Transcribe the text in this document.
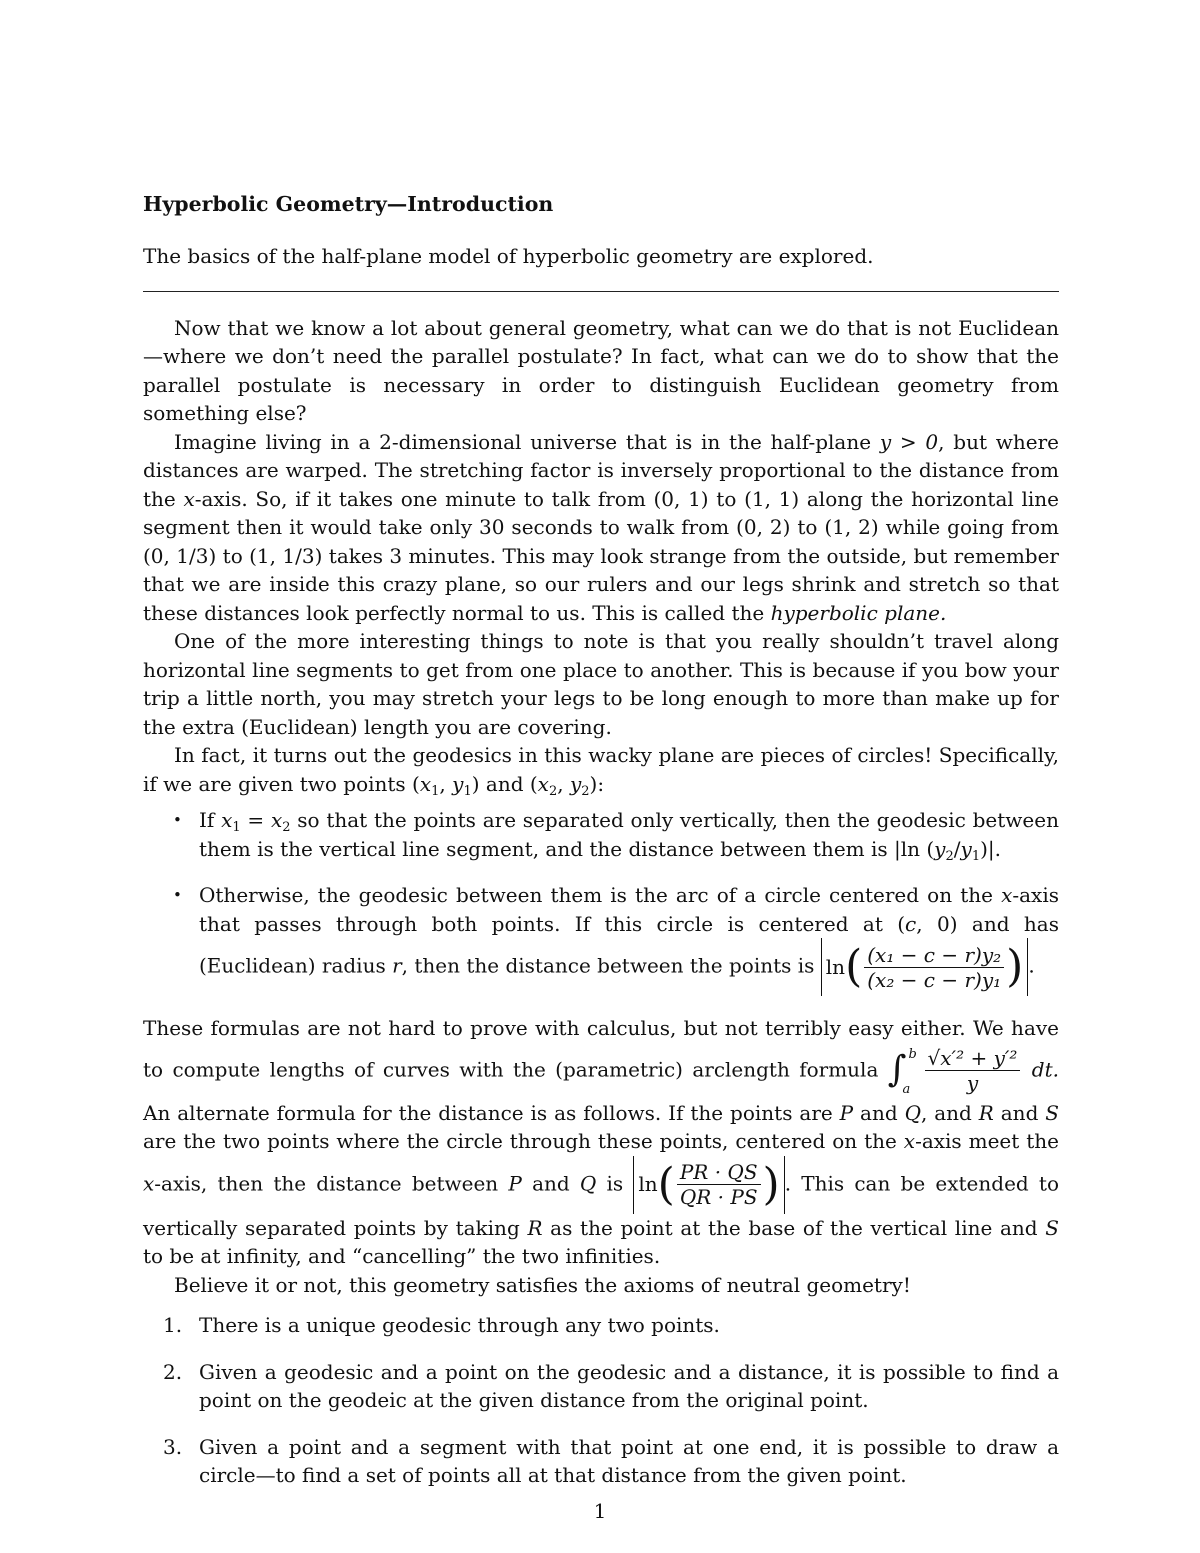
Hyperbolic Geometry—Introduction
The basics of the half-plane model of hyperbolic geometry are explored.

Now that we know a lot about general geometry, what can we do that is not Euclidean—where we don’t need the parallel postulate? In fact, what can we do to show that the parallel postulate is necessary in order to distinguish Euclidean geometry from something else?

Imagine living in a 2-dimensional universe that is in the half-plane y > 0, but where distances are warped. The stretching factor is inversely proportional to the distance from the x-axis. So, if it takes one minute to talk from (0, 1) to (1, 1) along the horizontal line segment then it would take only 30 seconds to walk from (0, 2) to (1, 2) while going from (0, 1/3) to (1, 1/3) takes 3 minutes. This may look strange from the outside, but remember that we are inside this crazy plane, so our rulers and our legs shrink and stretch so that these distances look perfectly normal to us. This is called the hyperbolic plane.

One of the more interesting things to note is that you really shouldn’t travel along horizontal line segments to get from one place to another. This is because if you bow your trip a little north, you may stretch your legs to be long enough to more than make up for the extra (Euclidean) length you are covering.

In fact, it turns out the geodesics in this wacky plane are pieces of circles! Specifically, if we are given two points ($x_1$, $y_1$) and ($x_2$, $y_2$):

• If $x_1 = x_2$ so that the points are separated only vertically, then the geodesic between them is the vertical line segment, and the distance between them is |ln $(y_2/y_1)|$.
• Otherwise, the geodesic between them is the arc of a circle centered on the x-axis that passes through both points. If this circle is centered at (c, 0) and has (Euclidean) radius r, then the distance between the points is ln ( $\frac{\text{(x₁ − c − r)y₂}}{\text{(x₂ − c − r)y₁}}$ ) .

These formulas are not hard to prove with calculus, but not terribly easy either. We have to compute lengths of curves with the (parametric) arclength formula ∫ b
a $\frac{\text{√x′² + y′²}}{y}$ dt. An alternate formula for the distance is as follows. If the points are P and Q, and R and S are the two points where the circle through these points, centered on the x-axis meet the x-axis, then the distance between P and Q is ln ( $\frac{PR \cdot QS}{QR \cdot PS}$ ) . This can be extended to vertically separated points by taking R as the point at the base of the vertical line and S to be at infinity, and “cancelling” the two infinities.

Believe it or not, this geometry satisfies the axioms of neutral geometry!

1. There is a unique geodesic through any two points.
2. Given a geodesic and a point on the geodesic and a distance, it is possible to find a point on the geodeic at the given distance from the original point.
3. Given a point and a segment with that point at one end, it is possible to draw a circle—to find a set of points all at that distance from the given point.
1
